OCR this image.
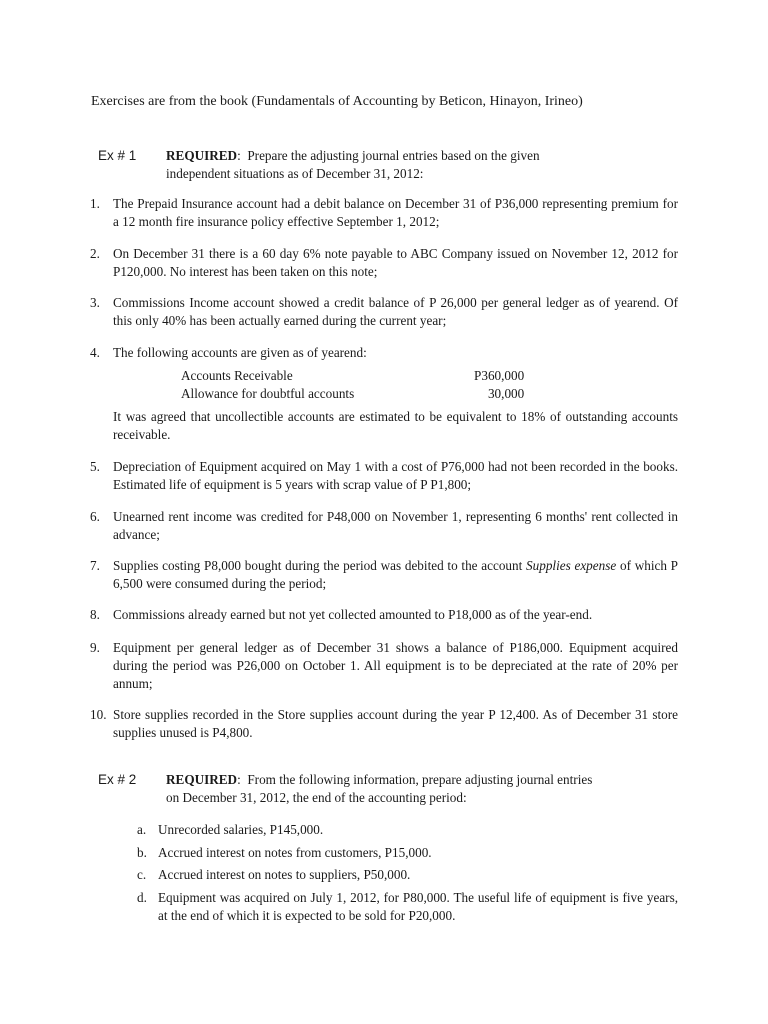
Exercises are from the book (Fundamentals of Accounting by Beticon, Hinayon, Irineo)
Ex # 1 REQUIRED:  Prepare the adjusting journal entries based on the given independent situations as of December 31, 2012:
1. The Prepaid Insurance account had a debit balance on December 31 of P36,000 representing premium for a 12 month fire insurance policy effective September 1, 2012;
2. On December 31 there is a 60 day 6% note payable to ABC Company issued on November 12, 2012 for P120,000. No interest has been taken on this note;
3. Commissions Income account showed a credit balance of P 26,000 per general ledger as of yearend. Of this only 40% has been actually earned during the current year;
4. The following accounts are given as of yearend:
5. Depreciation of Equipment acquired on May 1 with a cost of P76,000 had not been recorded in the books. Estimated life of equipment is 5 years with scrap value of P P1,800;
6. Unearned rent income was credited for P48,000 on November 1, representing 6 months' rent collected in advance;
7. Supplies costing P8,000 bought during the period was debited to the account Supplies expense of which P 6,500 were consumed during the period;
8. Commissions already earned but not yet collected amounted to P18,000 as of the year-end.
9. Equipment per general ledger as of December 31 shows a balance of P186,000. Equipment acquired during the period was P26,000 on October 1. All equipment is to be depreciated at the rate of 20% per annum;
10. Store supplies recorded in the Store supplies account during the year P 12,400. As of December 31 store supplies unused is P4,800.
Accounts Receivable	P360,000
Allowance for doubtful accounts	30,000
It was agreed that uncollectible accounts are estimated to be equivalent to 18% of outstanding accounts receivable.
Ex # 2 REQUIRED:  From the following information, prepare adjusting journal entries on December 31, 2012, the end of the accounting period:
a. Unrecorded salaries, P145,000.
b. Accrued interest on notes from customers, P15,000.
c. Accrued interest on notes to suppliers, P50,000.
d. Equipment was acquired on July 1, 2012, for P80,000. The useful life of equipment is five years, at the end of which it is expected to be sold for P20,000.
